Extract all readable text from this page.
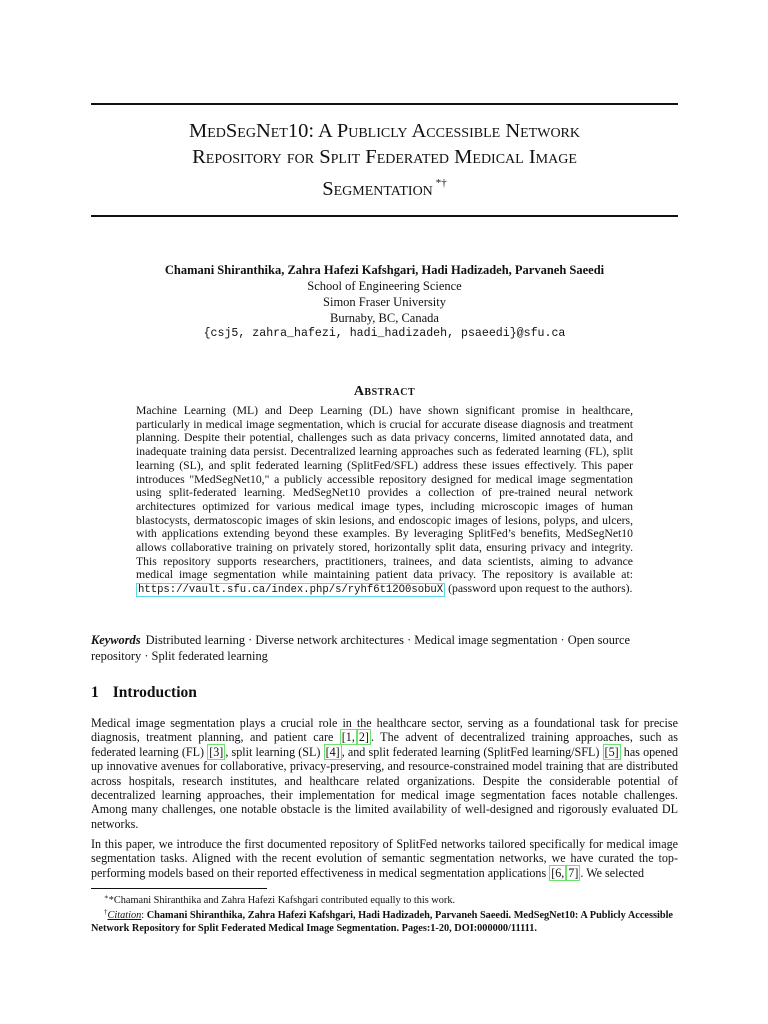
MedSegNet10: A Publicly Accessible Network
Repository for Split Federated Medical Image
Segmentation *†
Chamani Shiranthika, Zahra Hafezi Kafshgari, Hadi Hadizadeh, Parvaneh Saeedi
School of Engineering Science
Simon Fraser University
Burnaby, BC, Canada
{csj5, zahra_hafezi, hadi_hadizadeh, psaeedi}@sfu.ca
Abstract
Machine Learning (ML) and Deep Learning (DL) have shown significant promise in healthcare, particularly in medical image segmentation, which is crucial for accurate disease diagnosis and treatment planning. Despite their potential, challenges such as data privacy concerns, limited annotated data, and inadequate training data persist. Decentralized learning approaches such as federated learning (FL), split learning (SL), and split federated learning (SplitFed/SFL) address these issues effectively. This paper introduces "MedSegNet10," a publicly accessible repository designed for medical image segmentation using split-federated learning. MedSegNet10 provides a collection of pre-trained neural network architectures optimized for various medical image types, including microscopic images of human blastocysts, dermatoscopic images of skin lesions, and endoscopic images of lesions, polyps, and ulcers, with applications extending beyond these examples. By leveraging SplitFed’s benefits, MedSegNet10 allows collaborative training on privately stored, horizontally split data, ensuring privacy and integrity. This repository supports researchers, practitioners, trainees, and data scientists, aiming to advance medical image segmentation while maintaining patient data privacy. The repository is available at: https://vault.sfu.ca/index.php/s/ryhf6t12O0sobuX (password upon request to the authors).
Keywords Distributed learning · Diverse network architectures · Medical image segmentation · Open source repository · Split federated learning
1 Introduction
Medical image segmentation plays a crucial role in the healthcare sector, serving as a foundational task for precise diagnosis, treatment planning, and patient care [1, 2] . The advent of decentralized training approaches, such as federated learning (FL) [3] , split learning (SL) [4] , and split federated learning (SplitFed learning/SFL) [5] has opened up innovative avenues for collaborative, privacy-preserving, and resource-constrained model training that are distributed across hospitals, research institutes, and healthcare related organizations. Despite the considerable potential of decentralized learning approaches, their implementation for medical image segmentation faces notable challenges. Among many challenges, one notable obstacle is the limited availability of well-designed and rigorously evaluated DL networks.
In this paper, we introduce the first documented repository of SplitFed networks tailored specifically for medical image segmentation tasks. Aligned with the recent evolution of semantic segmentation networks, we have curated the top-performing models based on their reported effectiveness in medical segmentation applications [6, 7] . We selected
∗*Chamani Shiranthika and Zahra Hafezi Kafshgari contributed equally to this work.
†Citation: Chamani Shiranthika, Zahra Hafezi Kafshgari, Hadi Hadizadeh, Parvaneh Saeedi. MedSegNet10: A Publicly Accessible Network Repository for Split Federated Medical Image Segmentation. Pages:1-20, DOI:000000/11111.
